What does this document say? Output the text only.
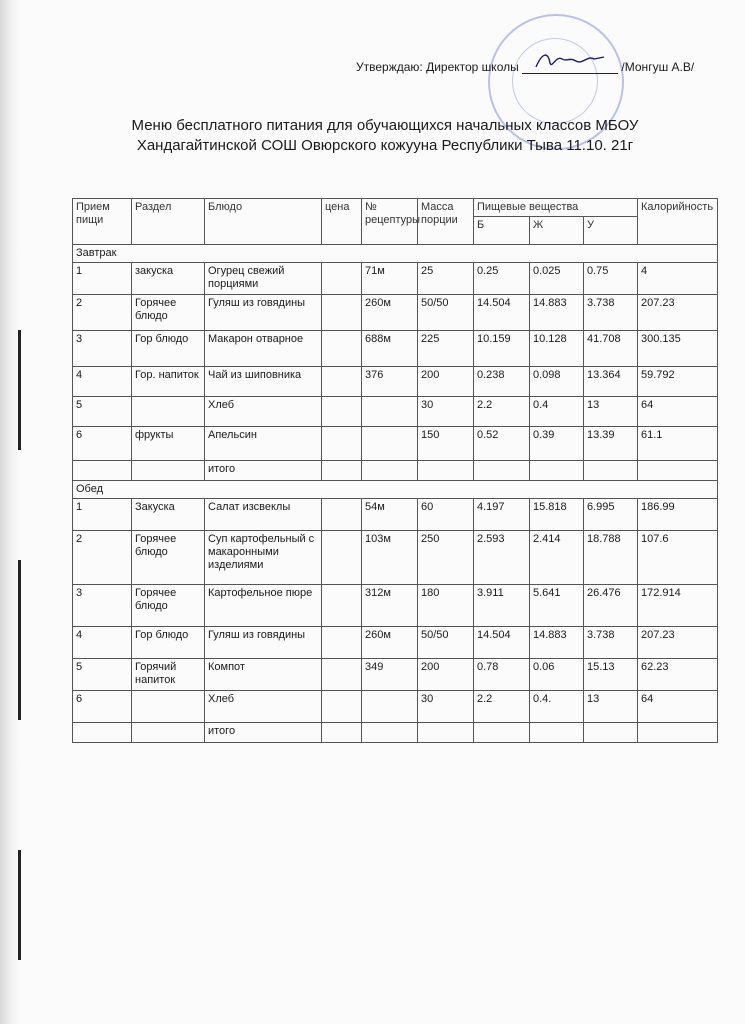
Утверждаю: Директор школы	/Монгуш А.В/
Меню бесплатного питания для обучающихся начальных классов МБОУ
Хандагайтинской СОШ Овюрского кожууна Республики Тыва 11.10. 21г
Прием пищи	Раздел	Блюдо	цена	№ рецептуры	Масса порции	Пищевые вещества			Калорийность
						Б	Ж	У	
Завтрак									
1	закуска	Огурец свежий порциями		71м	25	0.25	0.025	0.75	4
2	Горячее блюдо	Гуляш из говядины		260м	50/50	14.504	14.883	3.738	207.23
3	Гор блюдо	Макарон отварное		688м	225	10.159	10.128	41.708	300.135
4	Гор. напиток	Чай из шиповника		376	200	0.238	0.098	13.364	59.792
5		Хлеб			30	2.2	0.4	13	64
6	фрукты	Апельсин			150	0.52	0.39	13.39	61.1
		итого							
Обед									
1	Закуска	Салат изсвеклы		54м	60	4.197	15.818	6.995	186.99
2	Горячее блюдо	Суп картофельный с макаронными изделиями		103м	250	2.593	2.414	18.788	107.6
3	Горячее блюдо	Картофельное пюре		312м	180	3.911	5.641	26.476	172.914
4	Гор блюдо	Гуляш из говядины		260м	50/50	14.504	14.883	3.738	207.23
5	Горячий напиток	Компот		349	200	0.78	0.06	15.13	62.23
6		Хлеб			30	2.2	0.4.	13	64
		итого							
